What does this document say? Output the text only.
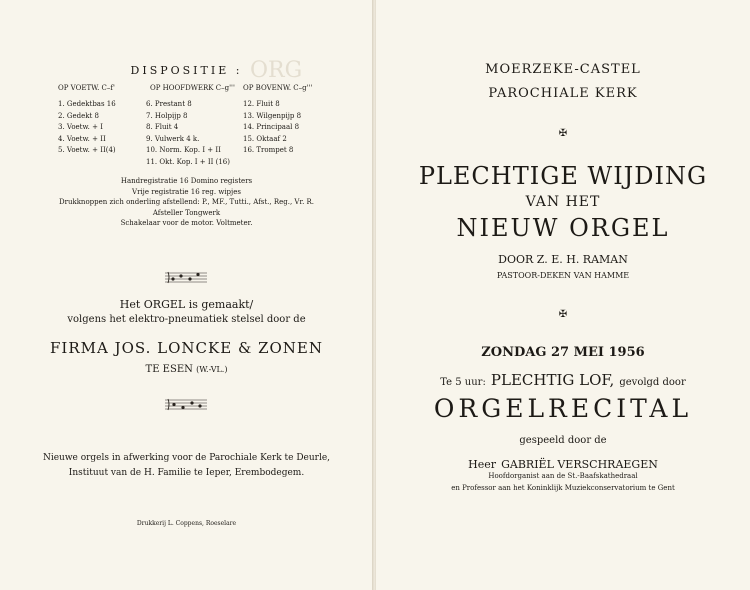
ORG
DISPOSITIE :
OP VOETW. C–f'	OP HOOFDWERK C–g''' OP BOVENW. C–g'''
1. Gedektbas 16
2. Gedekt 8
3. Voetw. + I
4. Voetw. + II
5. Voetw. + II(4)
6. Prestant 8
7. Holpijp 8
8. Fluit 4
9. Vulwerk 4 k.
10. Norm. Kop. I + II
11. Okt. Kop. I + II (16)
12. Fluit 8
13. Wilgenpijp 8
14. Principaal 8
15. Oktaaf 2
16. Trompet 8
Handregistratie 16 Domino registers
Vrije registratie 16 reg. wipjes
Drukknoppen zich onderling afstellend: P., MF., Tutti., Afst., Reg., Vr. R.
Afsteller Tongwerk
Schakelaar voor de motor. Voltmeter.
Het ORGEL is gemaakt/
volgens het elektro-pneumatiek stelsel door de
FIRMA JOS. LONCKE & ZONEN
TE ESEN (W.-VL.)
Nieuwe orgels in afwerking voor de Parochiale Kerk te Deurle,
Instituut van de H. Familie te Ieper, Erembodegem.
Drukkerij L. Coppens, Roeselare
MOERZEKE-CASTEL
PAROCHIALE KERK
✠
PLECHTIGE WIJDING
VAN HET
NIEUW ORGEL
DOOR Z. E. H. RAMAN
PASTOOR-DEKEN VAN HAMME
✠
ZONDAG 27 MEI 1956
Te 5 uur: PLECHTIG LOF, gevolgd door
ORGELRECITAL
gespeeld door de
Heer GABRIËL VERSCHRAEGEN
Hoofdorganist aan de St.-Baafskathedraal
en Professor aan het Koninklijk Muziekconservatorium te Gent
